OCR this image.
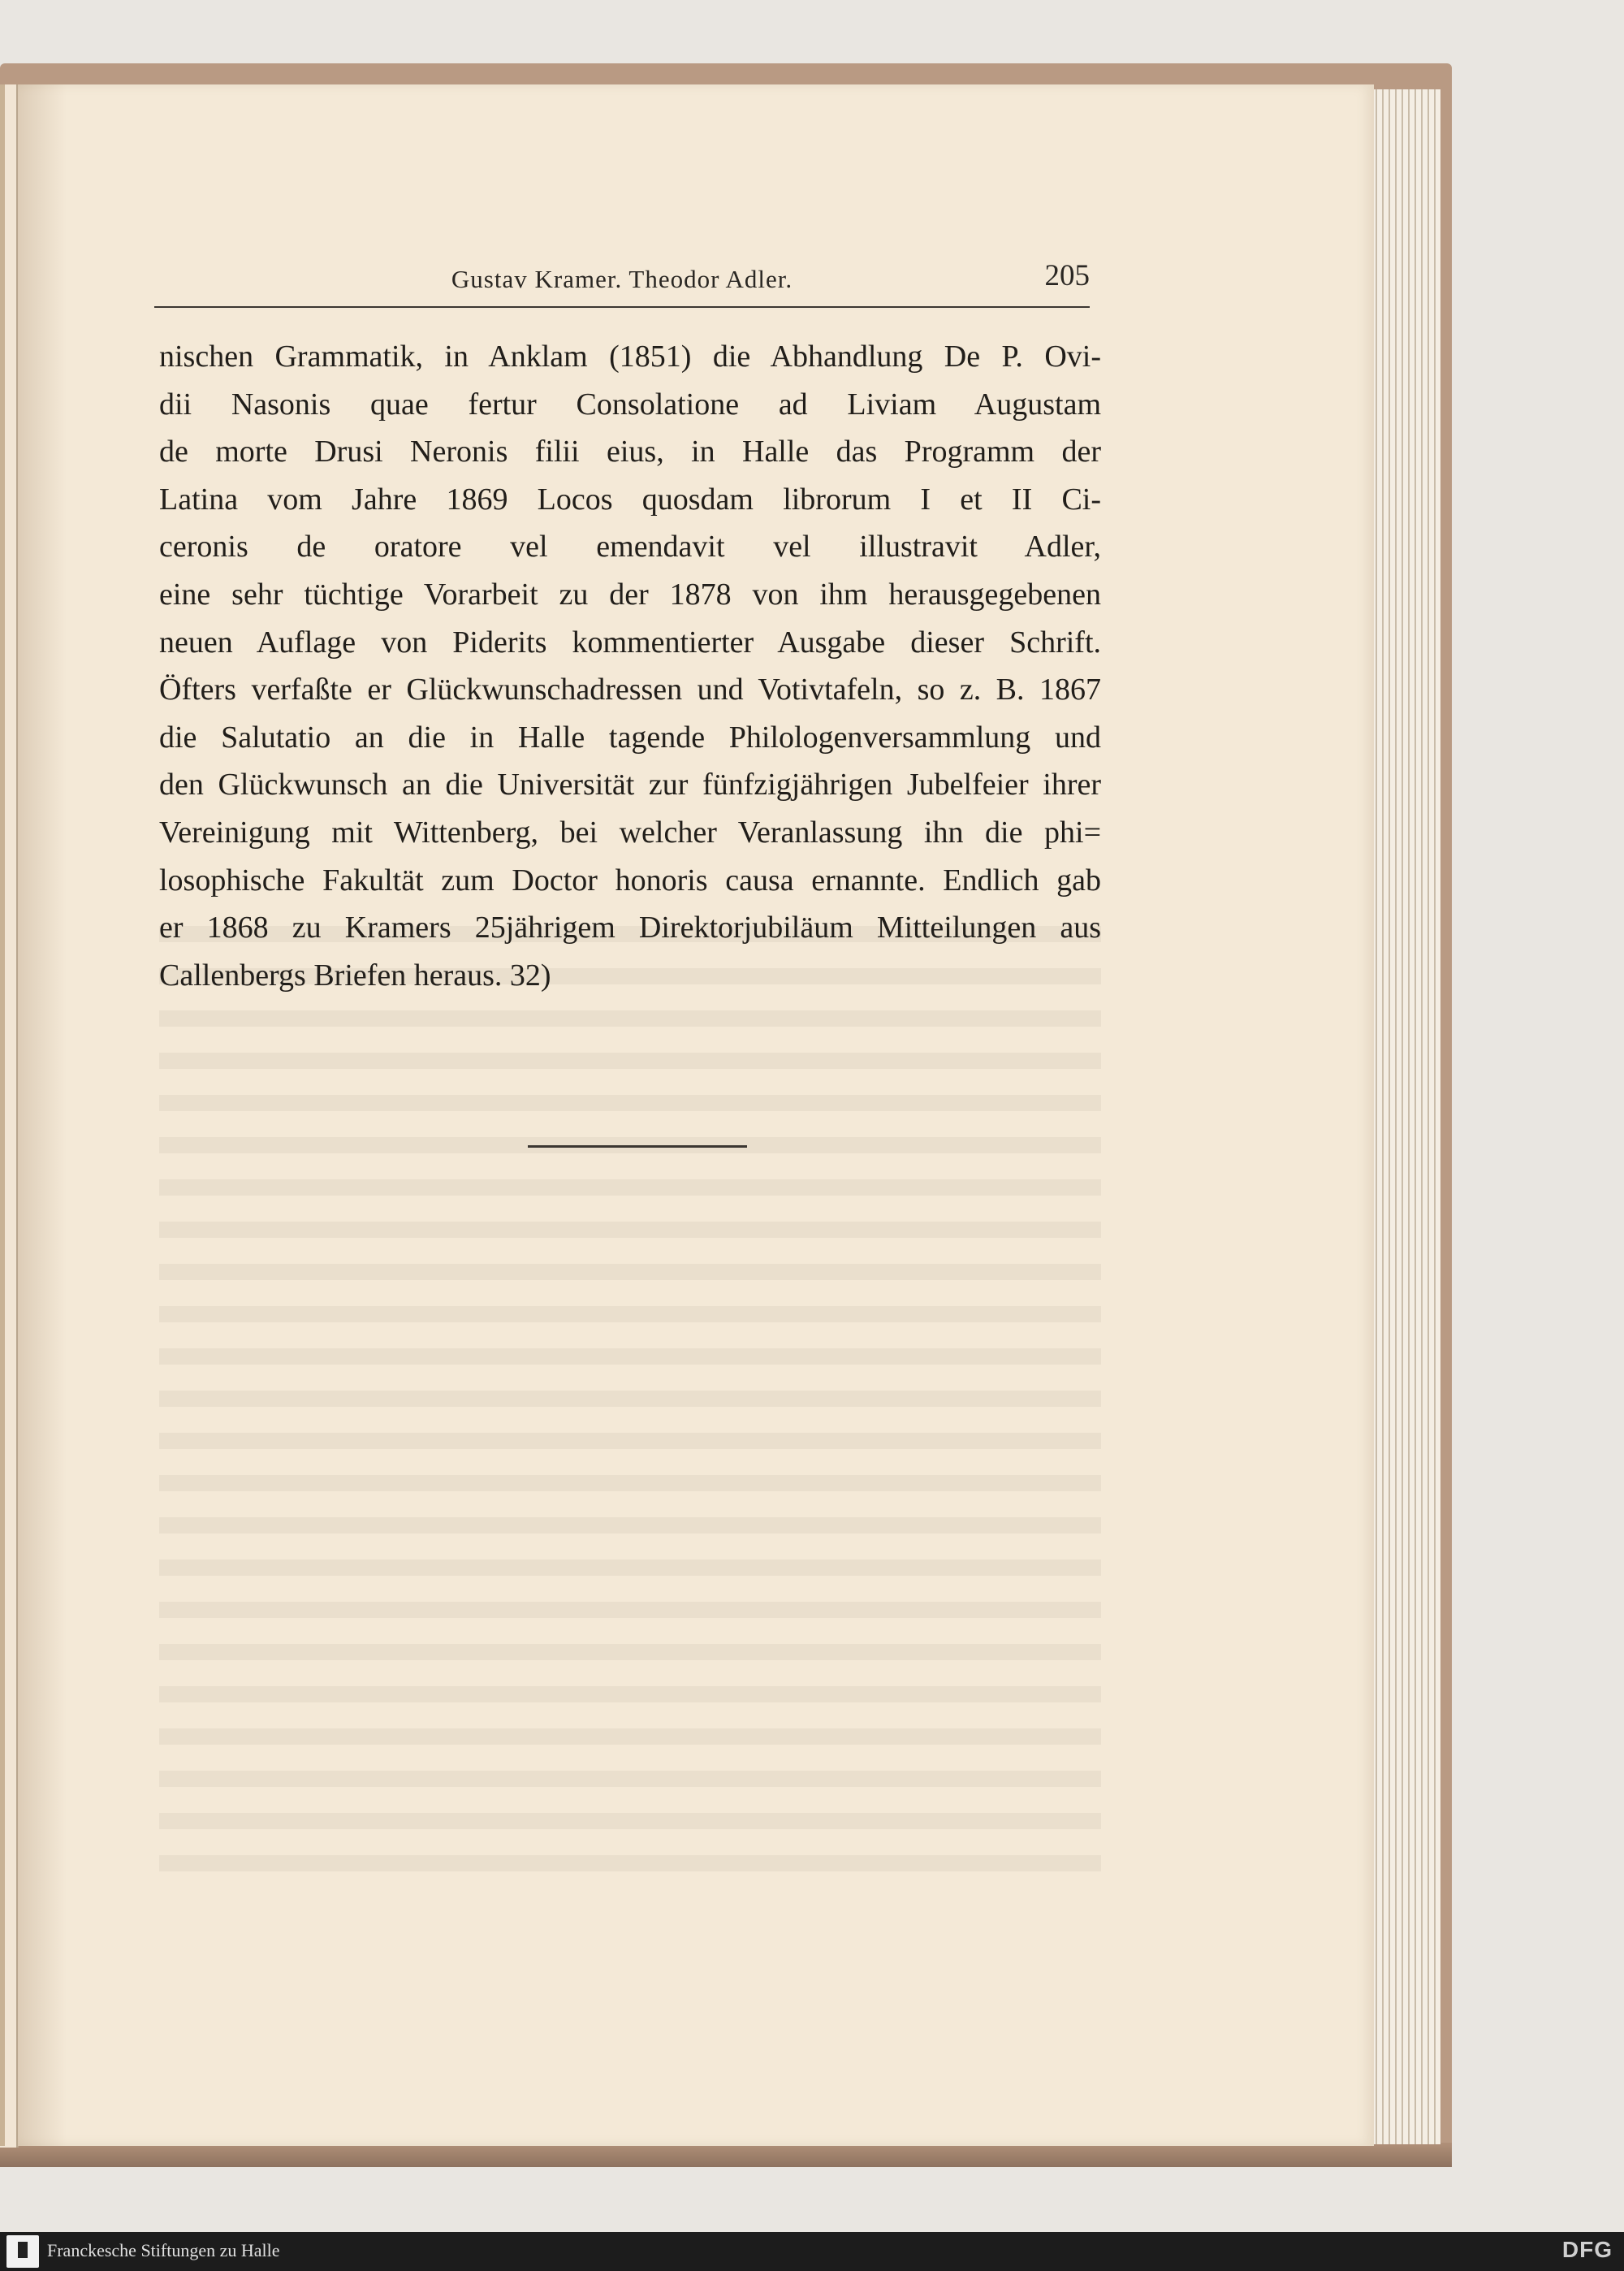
Gustav Kramer. Theodor Adler.	205
nischen Grammatik, in Anklam (1851) die Abhandlung De P. Ovi-
dii Nasonis quae fertur Consolatione ad Liviam Augustam
de morte Drusi Neronis filii eius, in Halle das Programm der
Latina vom Jahre 1869 Locos quosdam librorum I et II Ci-
ceronis de oratore vel emendavit vel illustravit Adler,
eine sehr tüchtige Vorarbeit zu der 1878 von ihm herausgegebenen
neuen Auflage von Piderits kommentierter Ausgabe dieser Schrift.
Öfters verfaßte er Glückwunschadressen und Votivtafeln, so z. B. 1867
die Salutatio an die in Halle tagende Philologenversammlung und
den Glückwunsch an die Universität zur fünfzigjährigen Jubelfeier ihrer
Vereinigung mit Wittenberg, bei welcher Veranlassung ihn die phi=
losophische Fakultät zum Doctor honoris causa ernannte. Endlich gab
er 1868 zu Kramers 25jährigem Direktorjubiläum Mitteilungen aus
Callenbergs Briefen heraus. 32)
Franckesche Stiftungen zu Halle	DFG
